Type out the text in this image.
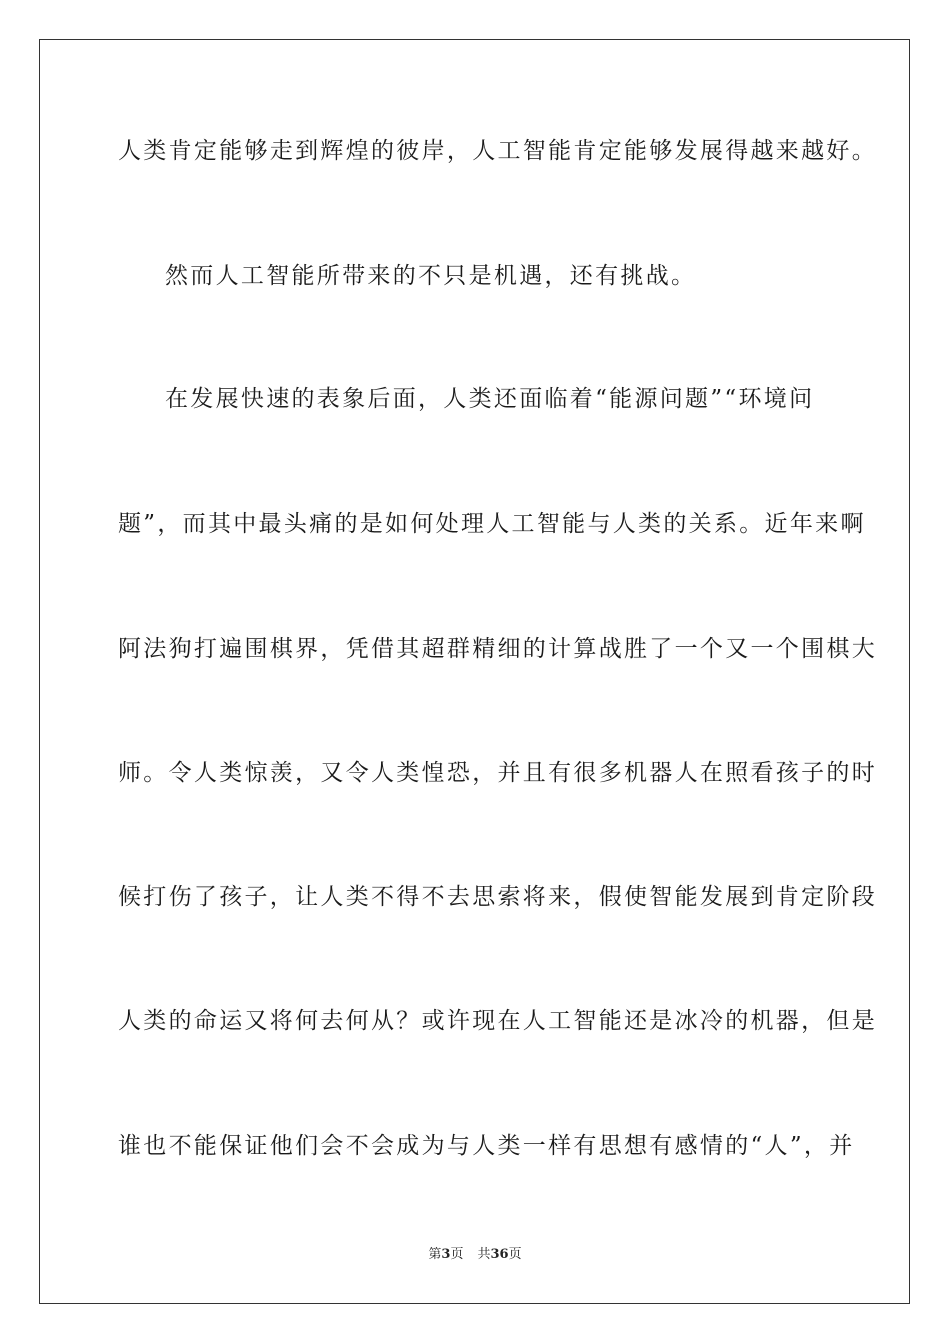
人类肯定能够走到辉煌的彼岸，人工智能肯定能够发展得越来越好。
然而人工智能所带来的不只是机遇，还有挑战。
在发展快速的表象后面，人类还面临着“能源问题”“环境问
题”，而其中最头痛的是如何处理人工智能与人类的关系。近年来啊
阿法狗打遍围棋界，凭借其超群精细的计算战胜了一个又一个围棋大
师。令人类惊羡，又令人类惶恐，并且有很多机器人在照看孩子的时
候打伤了孩子，让人类不得不去思索将来，假使智能发展到肯定阶段
人类的命运又将何去何从？或许现在人工智能还是冰冷的机器，但是
谁也不能保证他们会不会成为与人类一样有思想有感情的“人”，并
第3页 共36页
